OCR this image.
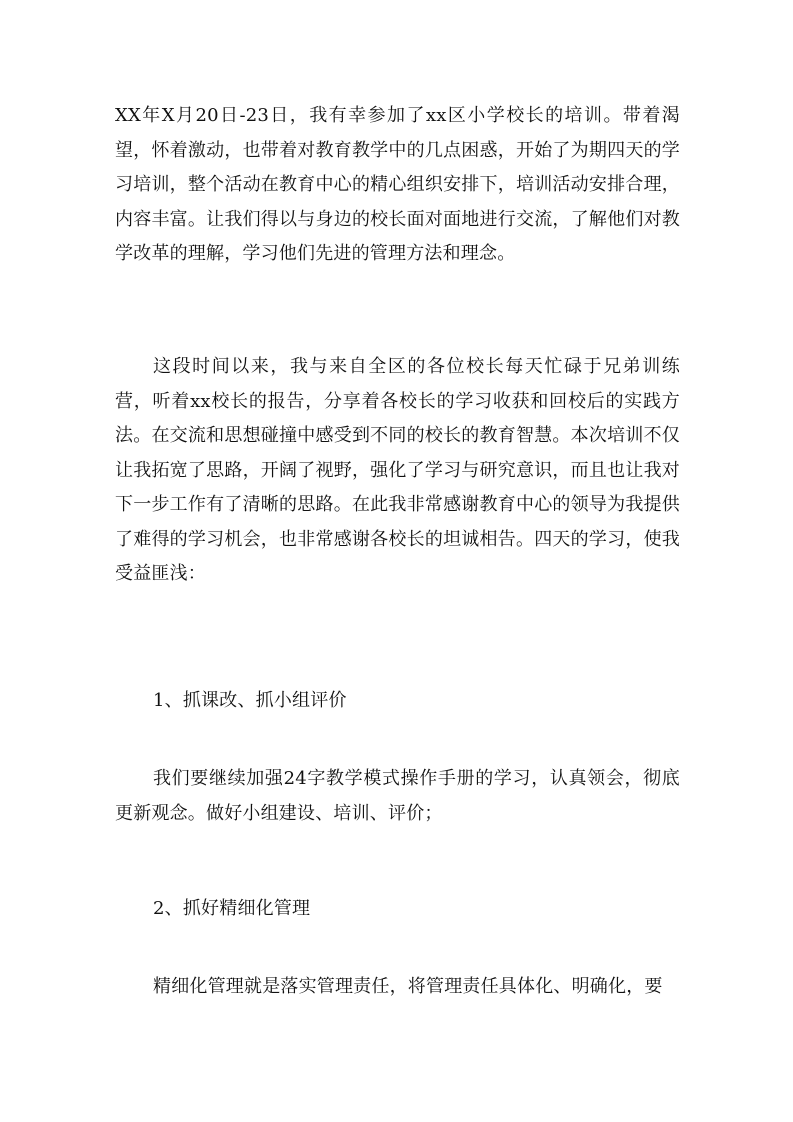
XX年X月20日-23日，我有幸参加了xx区小学校长的培训。带着渴望，怀着激动，也带着对教育教学中的几点困惑，开始了为期四天的学习培训，整个活动在教育中心的精心组织安排下，培训活动安排合理，内容丰富。让我们得以与身边的校长面对面地进行交流，了解他们对教学改革的理解，学习他们先进的管理方法和理念。

这段时间以来，我与来自全区的各位校长每天忙碌于兄弟训练营，听着xx校长的报告，分享着各校长的学习收获和回校后的实践方法。在交流和思想碰撞中感受到不同的校长的教育智慧。本次培训不仅让我拓宽了思路，开阔了视野，强化了学习与研究意识，而且也让我对下一步工作有了清晰的思路。在此我非常感谢教育中心的领导为我提供了难得的学习机会，也非常感谢各校长的坦诚相告。四天的学习，使我受益匪浅：

1、抓课改、抓小组评价

我们要继续加强24字教学模式操作手册的学习，认真领会，彻底更新观念。做好小组建设、培训、评价；

2、抓好精细化管理

精细化管理就是落实管理责任，将管理责任具体化、明确化，要
